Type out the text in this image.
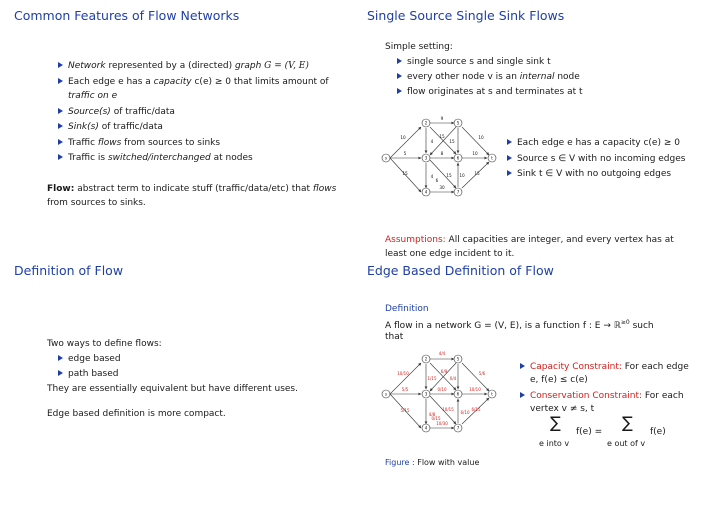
Common Features of Flow Networks
Network represented by a (directed) graph G = (V, E)
Each edge e has a capacity c(e) ≥ 0 that limits amount of
traffic on e
Source(s) of traffic/data
Sink(s) of traffic/data
Traffic flows from sources to sinks
Traffic is switched/interchanged at nodes
Flow: abstract term to indicate stuff (traffic/data/etc) that flows
from sources to sinks.
Single Source Single Sink Flows
Simple setting:
single source s and single sink t
every other node v is an internal node
flow originates at s and terminates at t
s
2
3
4
5
6
7
t
10
5
15
9
15
4
8
15
4
6
10
30
10
15	15
10
Each edge e has a capacity c(e) ≥ 0
Source s ∈ V with no incoming edges
Sink t ∈ V with no outgoing edges
Assumptions: All capacities are integer, and every vertex has at
least one edge incident to it.
Definition of Flow
Two ways to define flows:
edge based
path based
They are essentially equivalent but have different uses.
Edge based definition is more compact.
Edge Based Definition of Flow
Definition
A flow in a network G = (V, E), is a function f : E → ℝ$^{\ge 0}$ such
that
s
2
3
4
5
6
7
t
10/10
5/5
5/15
4/4
6/9
1/15
0/10
0/4
4/8
10/15
10/10
10/30
5/6
0/15
6/15
6/10
Capacity Constraint: For each edge
e, f(e) ≤ c(e)
Conservation Constraint: For each
vertex v ≠ s, t
∑ f(e) =
e into v
∑ f(e)
e out of v
Figure : Flow with value
